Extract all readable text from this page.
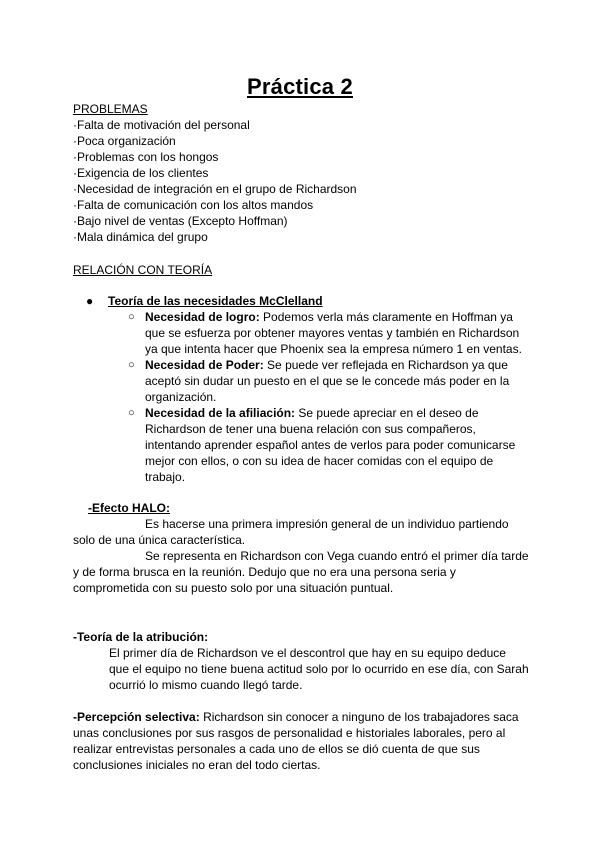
Práctica 2
PROBLEMAS
·Falta de motivación del personal
·Poca organización
·Problemas con los hongos
·Exigencia de los clientes
·Necesidad de integración en el grupo de Richardson
·Falta de comunicación con los altos mandos
·Bajo nivel de ventas (Excepto Hoffman)
·Mala dinámica del grupo
RELACIÓN CON TEORÍA
● Teoría de las necesidades McClelland
○ Necesidad de logro: Podemos verla más claramente en Hoffman ya que se esfuerza por obtener mayores ventas y también en Richardson ya que intenta hacer que Phoenix sea la empresa número 1 en ventas.
○ Necesidad de Poder: Se puede ver reflejada en Richardson ya que aceptó sin dudar un puesto en el que se le concede más poder en la organización.
○ Necesidad de la afiliación: Se puede apreciar en el deseo de Richardson de tener una buena relación con sus compañeros, intentando aprender español antes de verlos para poder comunicarse mejor con ellos, o con su idea de hacer comidas con el equipo de trabajo.
-Efecto HALO:
Es hacerse una primera impresión general de un individuo partiendo solo de una única característica.
Se representa en Richardson con Vega cuando entró el primer día tarde y de forma brusca en la reunión. Dedujo que no era una persona seria y comprometida con su puesto solo por una situación puntual.
-Teoría de la atribución:
El primer día de Richardson ve el descontrol que hay en su equipo deduce que el equipo no tiene buena actitud solo por lo ocurrido en ese día, con Sarah ocurrió lo mismo cuando llegó tarde.
-Percepción selectiva: Richardson sin conocer a ninguno de los trabajadores saca unas conclusiones por sus rasgos de personalidad e historiales laborales, pero al realizar entrevistas personales a cada uno de ellos se dió cuenta de que sus conclusiones iniciales no eran del todo ciertas.
